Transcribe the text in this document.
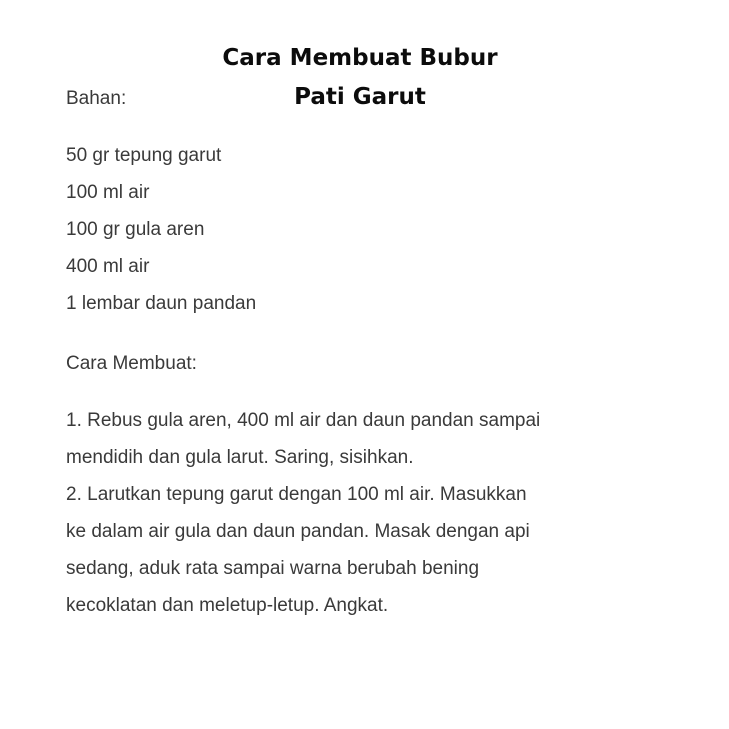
Cara Membuat Bubur
Pati Garut
Bahan:
50 gr tepung garut
100 ml air
100 gr gula aren
400 ml air
1 lembar daun pandan
Cara Membuat:
1. Rebus gula aren, 400 ml air dan daun pandan sampai
mendidih dan gula larut. Saring, sisihkan.
2. Larutkan tepung garut dengan 100 ml air. Masukkan
ke dalam air gula dan daun pandan. Masak dengan api
sedang, aduk rata sampai warna berubah bening
kecoklatan dan meletup-letup. Angkat.
